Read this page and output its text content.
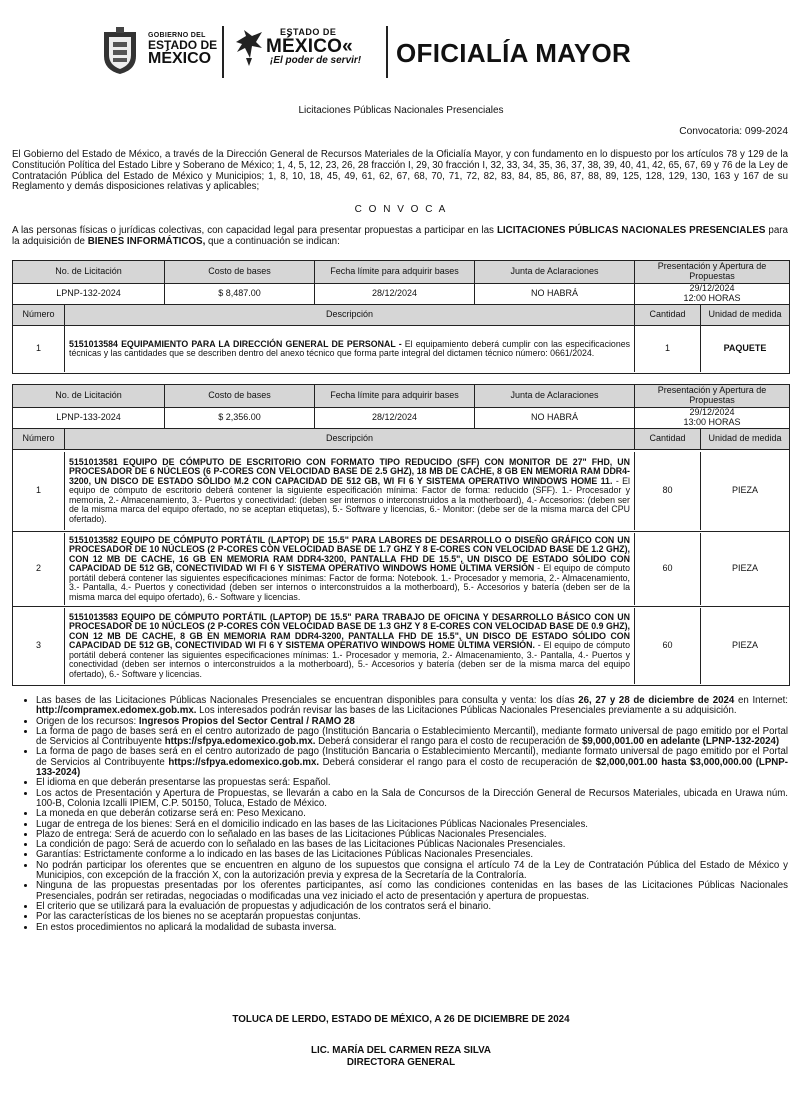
GOBIERNO DEL
ESTADO DE
MÉXICO
ESTADO DE
MÉXICO«
¡El poder de servir! OFICIALÍA MAYOR
Licitaciones Públicas Nacionales Presenciales
Convocatoria: 099-2024
El Gobierno del Estado de México, a través de la Dirección General de Recursos Materiales de la Oficialía Mayor, y con fundamento en lo dispuesto por los artículos 78 y 129 de la Constitución Política del Estado Libre y Soberano de México; 1, 4, 5, 12, 23, 26, 28 fracción I, 29, 30 fracción I, 32, 33, 34, 35, 36, 37, 38, 39, 40, 41, 42, 65, 67, 69 y 76 de la Ley de Contratación Pública del Estado de México y Municipios; 1, 8, 10, 18, 45, 49, 61, 62, 67, 68, 70, 71, 72, 82, 83, 84, 85, 86, 87, 88, 89, 125, 128, 129, 130, 163 y 167 de su Reglamento y demás disposiciones relativas y aplicables;
C O N V O C A
A las personas físicas o jurídicas colectivas, con capacidad legal para presentar propuestas a participar en las LICITACIONES PÚBLICAS NACIONALES PRESENCIALES para la adquisición de BIENES INFORMÁTICOS, que a continuación se indican:
No. de Licitación	Costo de bases	Fecha límite para adquirir bases	Junta de Aclaraciones	Presentación y Apertura de Propuestas
LPNP-132-2024	$ 8,487.00	28/12/2024	NO HABRÁ	29/12/2024
12:00 HORAS
Número	Descripción	Cantidad	Unidad de medida
1	5151013584 EQUIPAMIENTO PARA LA DIRECCIÓN GENERAL DE PERSONAL - El equipamiento deberá cumplir con las especificaciones técnicas y las cantidades que se describen dentro del anexo técnico que forma parte integral del dictamen técnico número: 0661/2024.	1	PAQUETE
No. de Licitación	Costo de bases	Fecha límite para adquirir bases	Junta de Aclaraciones	Presentación y Apertura de Propuestas
LPNP-133-2024	$ 2,356.00	28/12/2024	NO HABRÁ	29/12/2024
13:00 HORAS
Número	Descripción	Cantidad	Unidad de medida
1
5151013581 EQUIPO DE CÓMPUTO DE ESCRITORIO CON FORMATO TIPO REDUCIDO (SFF) CON MONITOR DE 27" FHD, UN PROCESADOR DE 6 NÚCLEOS (6 P-CORES CON VELOCIDAD BASE DE 2.5 GHZ), 18 MB DE CACHE, 8 GB EN MEMORIA RAM DDR4-3200, UN DISCO DE ESTADO SÓLIDO M.2 CON CAPACIDAD DE 512 GB, WI FI 6 Y SISTEMA OPERATIVO WINDOWS HOME 11. - El equipo de cómputo de escritorio deberá contener la siguiente especificación mínima: Factor de forma: reducido (SFF). 1.- Procesador y memoria, 2.- Almacenamiento, 3.- Puertos y conectividad: (deben ser internos o interconstruidos a la motherboard), 4.- Accesorios: (deben ser de la misma marca del equipo ofertado, no se aceptan etiquetas), 5.- Software y licencias, 6.- Monitor: (debe ser de la misma marca del CPU ofertado).
80	PIEZA
2
5151013582 EQUIPO DE CÓMPUTO PORTÁTIL (LAPTOP) DE 15.5" PARA LABORES DE DESARROLLO O DISEÑO GRÁFICO CON UN PROCESADOR DE 10 NÚCLEOS (2 P-CORES CON VELOCIDAD BASE DE 1.7 GHZ Y 8 E-CORES CON VELOCIDAD BASE DE 1.2 GHZ), CON 12 MB DE CACHE, 16 GB EN MEMORIA RAM DDR4-3200, PANTALLA FHD DE 15.5", UN DISCO DE ESTADO SÓLIDO CON CAPACIDAD DE 512 GB, CONECTIVIDAD WI FI 6 Y SISTEMA OPERATIVO WINDOWS HOME ÚLTIMA VERSIÓN - El equipo de cómputo portátil deberá contener las siguientes especificaciones mínimas: Factor de forma: Notebook. 1.- Procesador y memoria, 2.- Almacenamiento, 3.- Pantalla, 4.- Puertos y conectividad (deben ser internos o interconstruidos a la motherboard), 5.- Accesorios y batería (deben ser de la misma marca del equipo ofertado), 6.- Software y licencias.
60	PIEZA
3
5151013583 EQUIPO DE CÓMPUTO PORTÁTIL (LAPTOP) DE 15.5" PARA TRABAJO DE OFICINA Y DESARROLLO BÁSICO CON UN PROCESADOR DE 10 NÚCLEOS (2 P-CORES CON VELOCIDAD BASE DE 1.3 GHZ Y 8 E-CORES CON VELOCIDAD BASE DE 0.9 GHZ), CON 12 MB DE CACHE, 8 GB EN MEMORIA RAM DDR4-3200, PANTALLA FHD DE 15.5", UN DISCO DE ESTADO SÓLIDO CON CAPACIDAD DE 512 GB, CONECTIVIDAD WI FI 6 Y SISTEMA OPERATIVO WINDOWS HOME ÚLTIMA VERSIÓN. - El equipo de cómputo portátil deberá contener las siguientes especificaciones mínimas: 1.- Procesador y memoria, 2.- Almacenamiento, 3.- Pantalla, 4.- Puertos y conectividad (deben ser internos o interconstruidos a la motherboard), 5.- Accesorios y batería (deben ser de la misma marca del equipo ofertado), 6.- Software y licencias.
60	PIEZA
• Las bases de las Licitaciones Públicas Nacionales Presenciales se encuentran disponibles para consulta y venta: los días 26, 27 y 28 de diciembre de 2024 en Internet: http://compramex.edomex.gob.mx. Los interesados podrán revisar las bases de las Licitaciones Públicas Nacionales Presenciales previamente a su adquisición.
• Origen de los recursos: Ingresos Propios del Sector Central / RAMO 28
• La forma de pago de bases será en el centro autorizado de pago (Institución Bancaria o Establecimiento Mercantil), mediante formato universal de pago emitido por el Portal de Servicios al Contribuyente https://sfpya.edomexico.gob.mx. Deberá considerar el rango para el costo de recuperación de $9,000,001.00 en adelante (LPNP-132-2024)
• La forma de pago de bases será en el centro autorizado de pago (Institución Bancaria o Establecimiento Mercantil), mediante formato universal de pago emitido por el Portal de Servicios al Contribuyente https://sfpya.edomexico.gob.mx. Deberá considerar el rango para el costo de recuperación de $2,000,001.00 hasta $3,000,000.00 (LPNP-133-2024)
• El idioma en que deberán presentarse las propuestas será: Español.
• Los actos de Presentación y Apertura de Propuestas, se llevarán a cabo en la Sala de Concursos de la Dirección General de Recursos Materiales, ubicada en Urawa núm. 100-B, Colonia Izcalli IPIEM, C.P. 50150, Toluca, Estado de México.
• La moneda en que deberán cotizarse será en: Peso Mexicano.
• Lugar de entrega de los bienes: Será en el domicilio indicado en las bases de las Licitaciones Públicas Nacionales Presenciales.
• Plazo de entrega: Será de acuerdo con lo señalado en las bases de las Licitaciones Públicas Nacionales Presenciales.
• La condición de pago: Será de acuerdo con lo señalado en las bases de las Licitaciones Públicas Nacionales Presenciales.
• Garantías: Estrictamente conforme a lo indicado en las bases de las Licitaciones Públicas Nacionales Presenciales.
• No podrán participar los oferentes que se encuentren en alguno de los supuestos que consigna el artículo 74 de la Ley de Contratación Pública del Estado de México y Municipios, con excepción de la fracción X, con la autorización previa y expresa de la Secretaría de la Contraloría.
• Ninguna de las propuestas presentadas por los oferentes participantes, así como las condiciones contenidas en las bases de las Licitaciones Públicas Nacionales Presenciales, podrán ser retiradas, negociadas o modificadas una vez iniciado el acto de presentación y apertura de propuestas.
• El criterio que se utilizará para la evaluación de propuestas y adjudicación de los contratos será el binario.
• Por las características de los bienes no se aceptarán propuestas conjuntas.
• En estos procedimientos no aplicará la modalidad de subasta inversa.
TOLUCA DE LERDO, ESTADO DE MÉXICO, A 26 DE DICIEMBRE DE 2024
LIC. MARÍA DEL CARMEN REZA SILVA
DIRECTORA GENERAL
